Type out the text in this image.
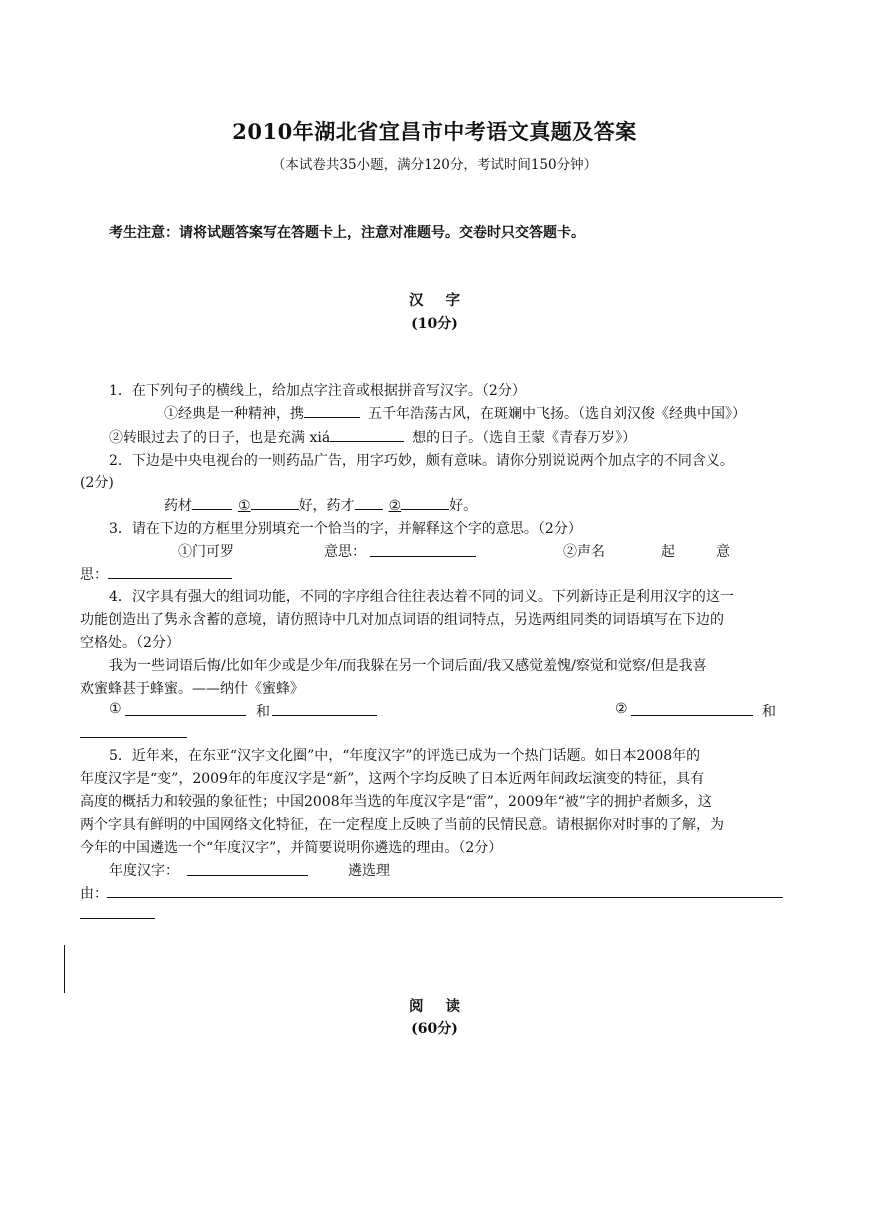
2010年湖北省宜昌市中考语文真题及答案
（本试卷共35小题，满分120分，考试时间150分钟）
考生注意：请将试题答案写在答题卡上，注意对准题号。交卷时只交答题卡。
汉字
(10分)
1．在下列句子的横线上，给加点字注音或根据拼音写汉字。（2分）
①经典是一种精神，携	五千年浩荡古风，在斑斓中飞扬。（选自刘汉俊《经典中国》）
②转眼过去了的日子，也是充满 xiá	想的日子。（选自王蒙《青春万岁》）
2．下边是中央电视台的一则药品广告，用字巧妙，颇有意味。请你分别说说两个加点字的不同含义。
(2分)
药材	①	好，药才 ②	好。
3．请在下边的方框里分别填充一个恰当的字，并解释这个字的意思。（2分）
①门可罗	意思：	②声名	起	意
思：
4．汉字具有强大的组词功能，不同的字序组合往往表达着不同的词义。下列新诗正是利用汉字的这一
功能创造出了隽永含蓄的意境，请仿照诗中几对加点词语的组词特点，另选两组同类的词语填写在下边的
空格处。（2分）
我为一些词语后悔/比如年少或是少年/而我躲在另一个词后面/我又感觉羞愧/察觉和觉察/但是我喜
欢蜜蜂甚于蜂蜜。——纳什《蜜蜂》
①	和	②	和
5．近年来，在东亚“汉字文化圈”中，“年度汉字”的评选已成为一个热门话题。如日本2008年的
年度汉字是“变”，2009年的年度汉字是“新”，这两个字均反映了日本近两年间政坛演变的特征，具有
高度的概括力和较强的象征性；中国2008年当选的年度汉字是“雷”，2009年“被”字的拥护者颇多，这
两个字具有鲜明的中国网络文化特征，在一定程度上反映了当前的民情民意。请根据你对时事的了解，为
今年的中国遴选一个“年度汉字”，并简要说明你遴选的理由。（2分）
年度汉字：	遴选理
由：
阅读
(60分)
